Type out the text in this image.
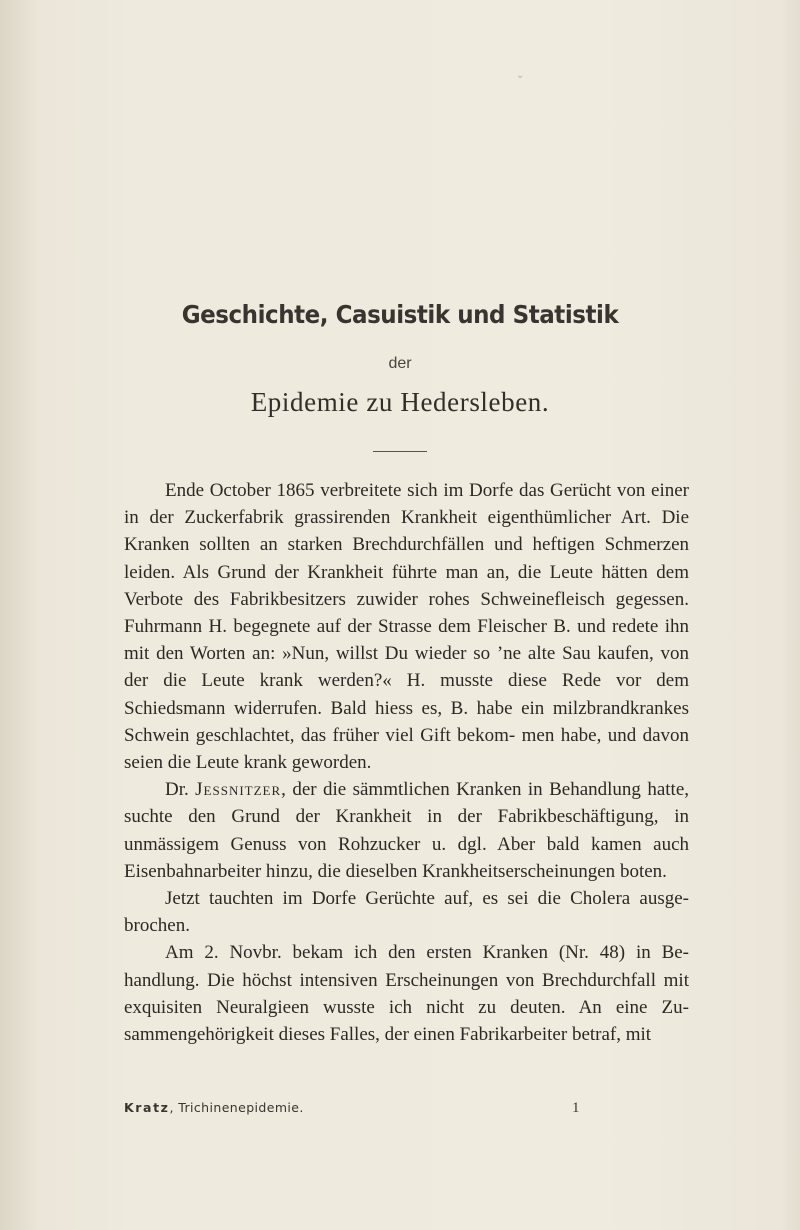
⌄
Geschichte, Casuistik und Statistik
der
Epidemie zu Hedersleben.

Ende October 1865 verbreitete sich im Dorfe das Gerücht von einer in der Zuckerfabrik grassirenden Krankheit eigenthümlicher Art. Die Kranken sollten an starken Brechdurchfällen und heftigen Schmerzen leiden. Als Grund der Krankheit führte man an, die Leute hätten dem Verbote des Fabrikbesitzers zuwider rohes Schweinefleisch gegessen. Fuhrmann H. begegnete auf der Strasse dem Fleischer B. und redete ihn mit den Worten an: »Nun, willst Du wieder so ’ne alte Sau kaufen, von der die Leute krank werden?« H. musste diese Rede vor dem Schiedsmann widerrufen. Bald hiess es, B. habe ein milzbrandkrankes Schwein geschlachtet, das früher viel Gift bekom- men habe, und davon seien die Leute krank geworden.

Dr. Jessnitzer, der die sämmtlichen Kranken in Behandlung hatte, suchte den Grund der Krankheit in der Fabrikbeschäftigung, in unmässigem Genuss von Rohzucker u. dgl. Aber bald kamen auch Eisenbahnarbeiter hinzu, die dieselben Krankheitserscheinungen boten.

Jetzt tauchten im Dorfe Gerüchte auf, es sei die Cholera ausge- brochen.

Am 2. Novbr. bekam ich den ersten Kranken (Nr. 48) in Be- handlung. Die höchst intensiven Erscheinungen von Brechdurchfall mit exquisiten Neuralgieen wusste ich nicht zu deuten. An eine Zu- sammengehörigkeit dieses Falles, der einen Fabrikarbeiter betraf, mit

Kratz, Trichinenepidemie.	1
